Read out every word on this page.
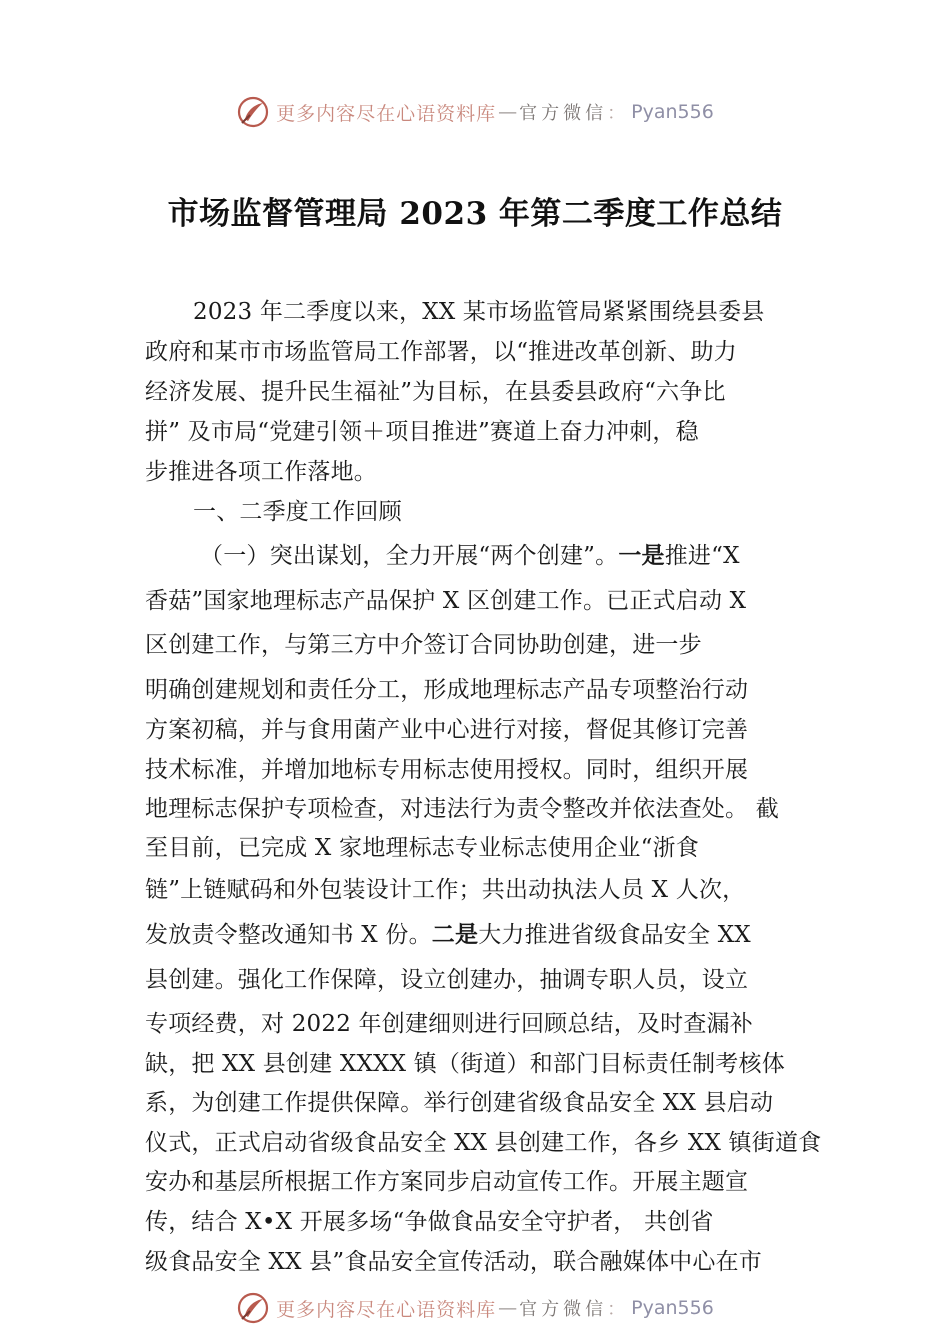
更多内容尽在心语资料库 — 官方微信 ： Pyan556
市场监督管理局 2023 年第二季度工作总结
2023 年二季度以来，XX 某市场监管局紧紧围绕县委县
政府和某市市场监管局工作部署，以“推进改革创新、助力
经济发展、提升民生福祉”为目标，在县委县政府“六争比
拼” 及市局“党建引领＋项目推进”赛道上奋力冲刺，稳
步推进各项工作落地。
一、二季度工作回顾
（一）突出谋划，全力开展“两个创建”。一是推进“X
香菇”国家地理标志产品保护 X 区创建工作。已正式启动 X
区创建工作，与第三方中介签订合同协助创建，进一步
明确创建规划和责任分工，形成地理标志产品专项整治行动
方案初稿，并与食用菌产业中心进行对接，督促其修订完善
技术标准，并增加地标专用标志使用授权。同时，组织开展
地理标志保护专项检查，对违法行为责令整改并依法查处。 截
至目前，已完成 X 家地理标志专业标志使用企业“浙食
链”上链赋码和外包装设计工作；共出动执法人员 X 人次，
发放责令整改通知书 X 份。二是大力推进省级食品安全 XX
县创建。强化工作保障，设立创建办，抽调专职人员，设立
专项经费，对 2022 年创建细则进行回顾总结，及时查漏补
缺，把 XX 县创建 XXXX 镇（街道）和部门目标责任制考核体
系，为创建工作提供保障。举行创建省级食品安全 XX 县启动
仪式，正式启动省级食品安全 XX 县创建工作，各乡 XX 镇街道食
安办和基层所根据工作方案同步启动宣传工作。开展主题宣
传，结合 X•X 开展多场“争做食品安全守护者， 共创省
级食品安全 XX 县”食品安全宣传活动，联合融媒体中心在市
更多内容尽在心语资料库 — 官方微信 ： Pyan556
